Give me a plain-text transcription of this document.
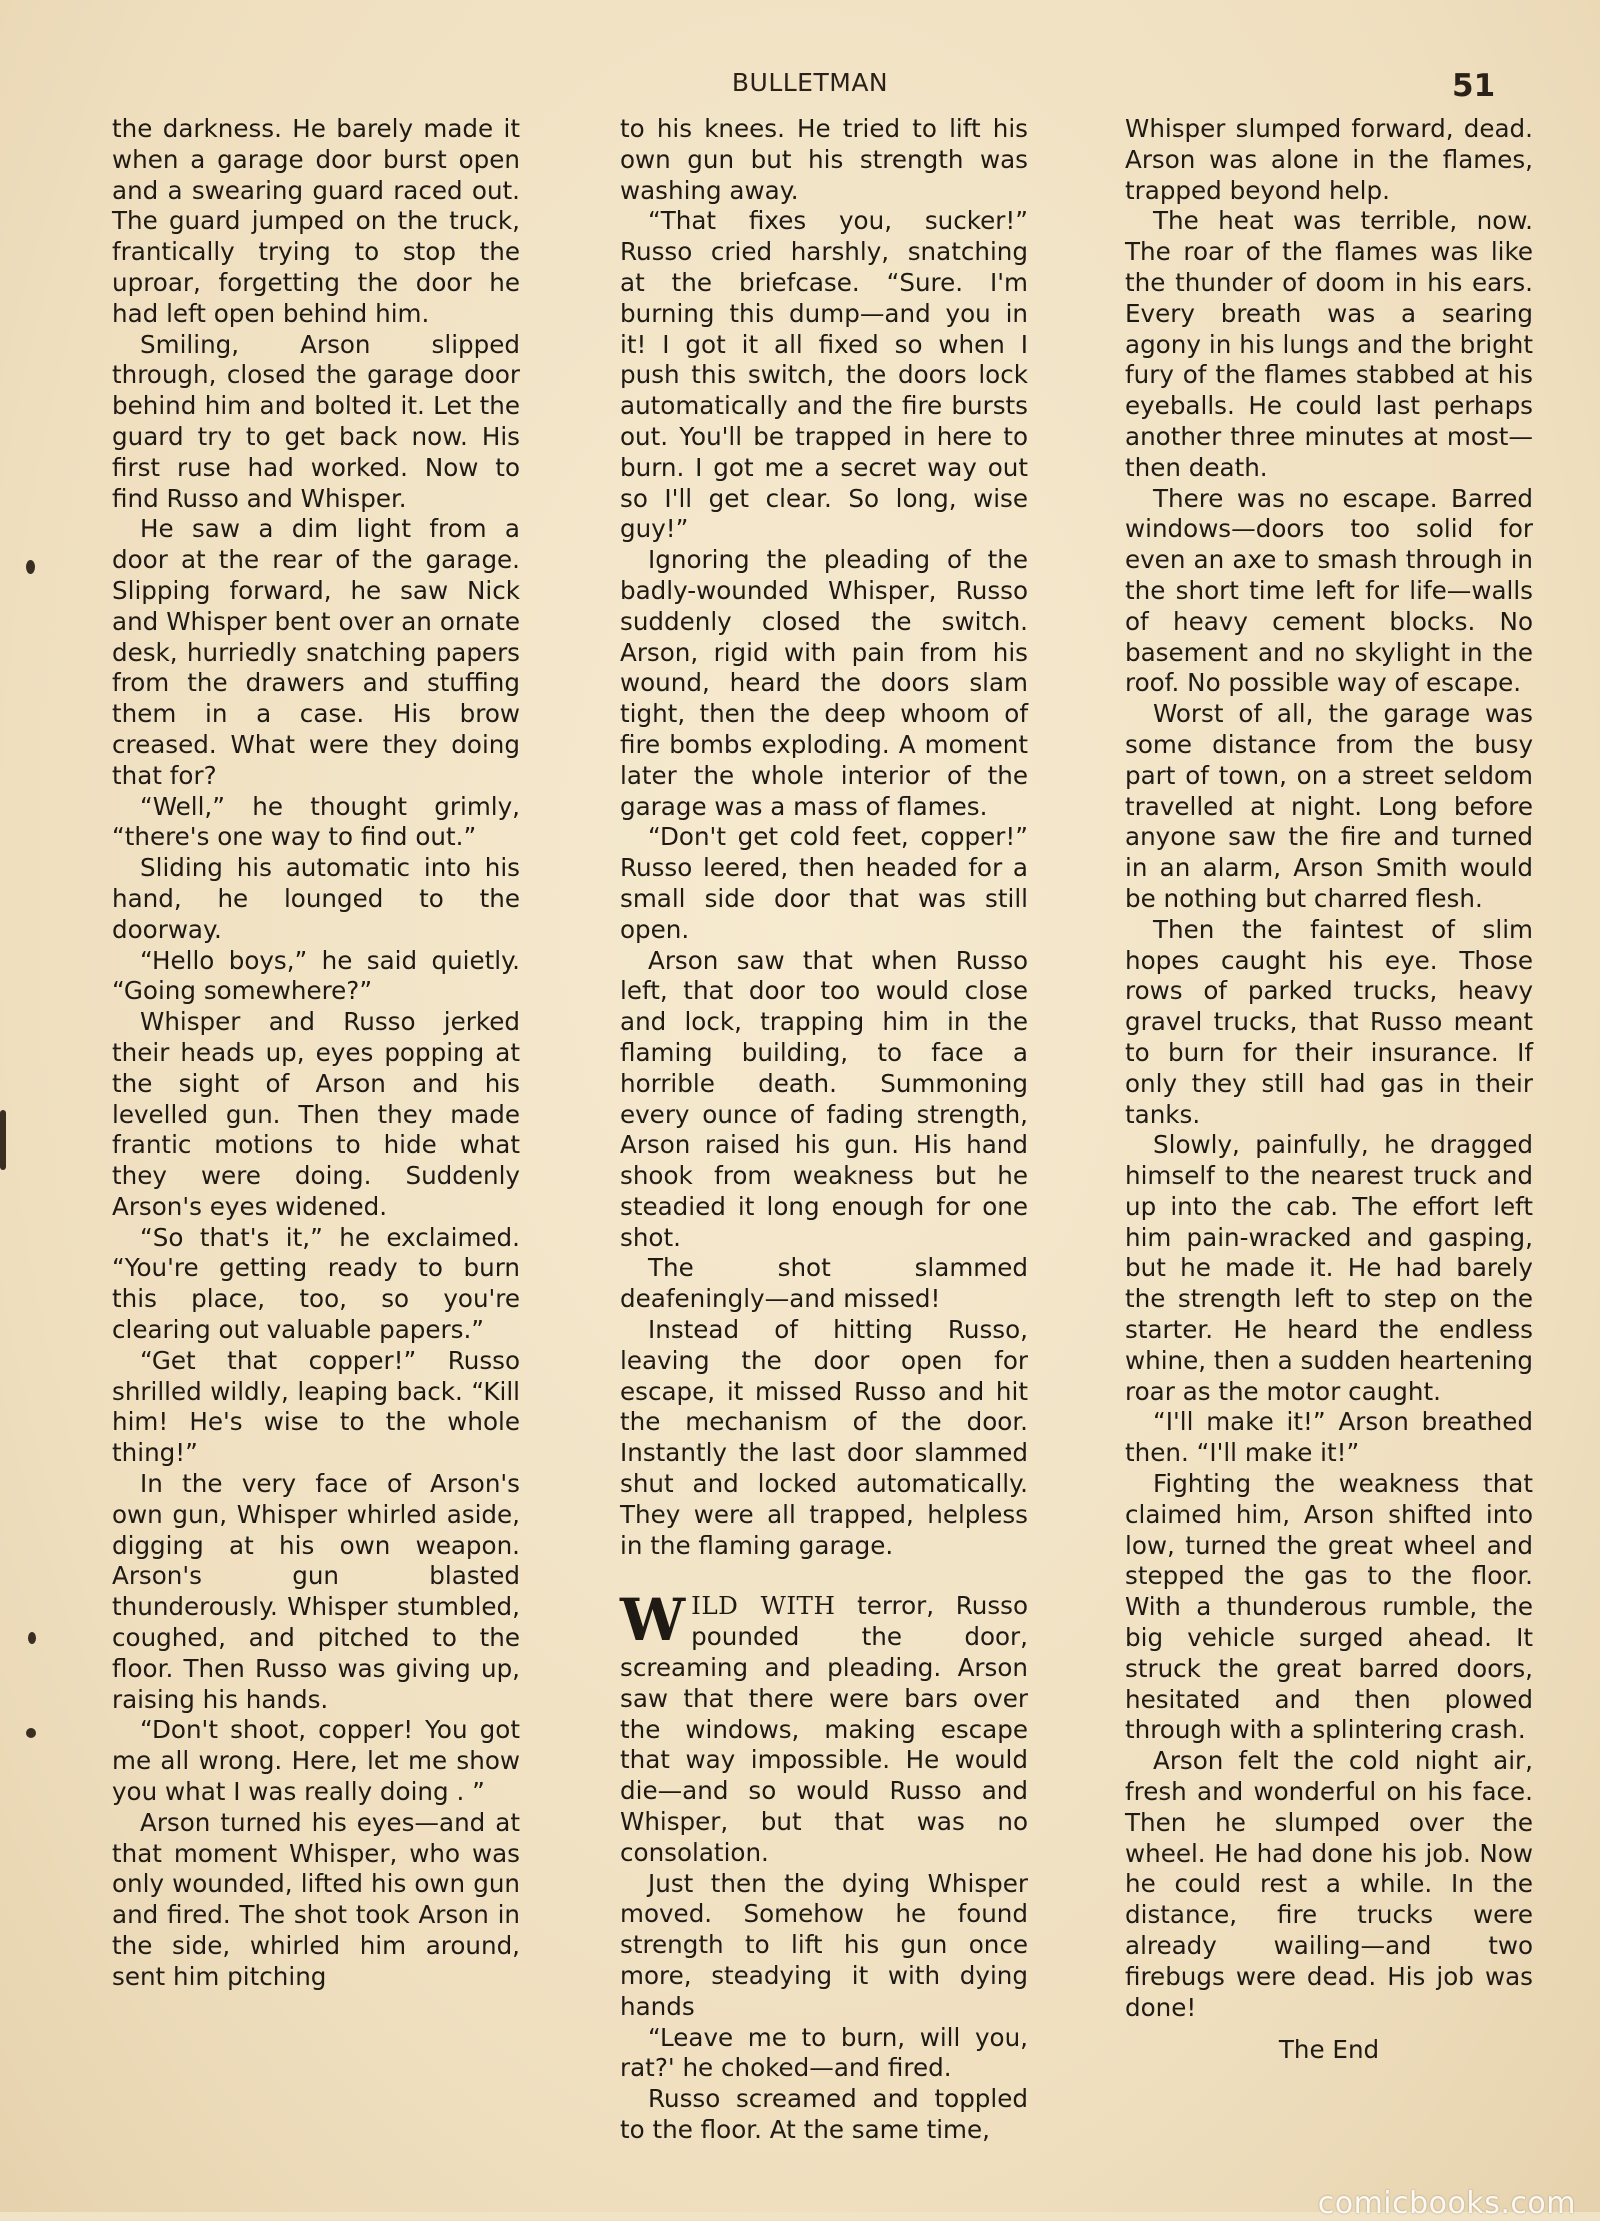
BULLETMAN	51

the darkness. He barely made it when a garage door burst open and a swearing guard raced out. The guard jumped on the truck, frantically trying to stop the uproar, forgetting the door he had left open behind him.

Smiling, Arson slipped through, closed the garage door behind him and bolted it. Let the guard try to get back now. His first ruse had worked. Now to find Russo and Whisper.

He saw a dim light from a door at the rear of the garage. Slipping forward, he saw Nick and Whisper bent over an ornate desk, hurriedly snatching papers from the drawers and stuffing them in a case. His brow creased. What were they doing that for?

“Well,” he thought grimly, “there's one way to find out.”

Sliding his automatic into his hand, he lounged to the doorway.

“Hello boys,” he said quietly. “Going somewhere?”

Whisper and Russo jerked their heads up, eyes popping at the sight of Arson and his levelled gun. Then they made frantic motions to hide what they were doing. Suddenly Arson's eyes widened.

“So that's it,” he exclaimed. “You're getting ready to burn this place, too, so you're clearing out valuable papers.”

“Get that copper!” Russo shrilled wildly, leaping back. “Kill him! He's wise to the whole thing!”

In the very face of Arson's own gun, Whisper whirled aside, digging at his own weapon. Arson's gun blasted thunderously. Whisper stumbled, coughed, and pitched to the floor. Then Russo was giving up, raising his hands.

“Don't shoot, copper! You got me all wrong. Here, let me show you what I was really doing . ”

Arson turned his eyes—and at that moment Whisper, who was only wounded, lifted his own gun and fired. The shot took Arson in the side, whirled him around, sent him pitching

to his knees. He tried to lift his own gun but his strength was washing away.

“That fixes you, sucker!” Russo cried harshly, snatching at the briefcase. “Sure. I'm burning this dump—and you in it! I got it all fixed so when I push this switch, the doors lock automatically and the fire bursts out. You'll be trapped in here to burn. I got me a secret way out so I'll get clear. So long, wise guy!”

Ignoring the pleading of the badly-wounded Whisper, Russo suddenly closed the switch. Arson, rigid with pain from his wound, heard the doors slam tight, then the deep whoom of fire bombs exploding. A moment later the whole interior of the garage was a mass of flames.

“Don't get cold feet, copper!” Russo leered, then headed for a small side door that was still open.

Arson saw that when Russo left, that door too would close and lock, trapping him in the flaming building, to face a horrible death. Summoning every ounce of fading strength, Arson raised his gun. His hand shook from weakness but he steadied it long enough for one shot.

The shot slammed deafeningly—and missed!

Instead of hitting Russo, leaving the door open for escape, it missed Russo and hit the mechanism of the door. Instantly the last door slammed shut and locked automatically. They were all trapped, helpless in the flaming garage.

WILD WITH terror, Russo pounded the door, screaming and pleading. Arson saw that there were bars over the windows, making escape that way impossible. He would die—and so would Russo and Whisper, but that was no consolation.

Just then the dying Whisper moved. Somehow he found strength to lift his gun once more, steadying it with dying hands

“Leave me to burn, will you, rat?' he choked—and fired.

Russo screamed and toppled to the floor. At the same time,

Whisper slumped forward, dead. Arson was alone in the flames, trapped beyond help.

The heat was terrible, now. The roar of the flames was like the thunder of doom in his ears. Every breath was a searing agony in his lungs and the bright fury of the flames stabbed at his eyeballs. He could last perhaps another three minutes at most—then death.

There was no escape. Barred windows—doors too solid for even an axe to smash through in the short time left for life—walls of heavy cement blocks. No basement and no skylight in the roof. No possible way of escape.

Worst of all, the garage was some distance from the busy part of town, on a street seldom travelled at night. Long before anyone saw the fire and turned in an alarm, Arson Smith would be nothing but charred flesh.

Then the faintest of slim hopes caught his eye. Those rows of parked trucks, heavy gravel trucks, that Russo meant to burn for their insurance. If only they still had gas in their tanks.

Slowly, painfully, he dragged himself to the nearest truck and up into the cab. The effort left him pain-wracked and gasping, but he made it. He had barely the strength left to step on the starter. He heard the endless whine, then a sudden heartening roar as the motor caught.

“I'll make it!” Arson breathed then. “I'll make it!”

Fighting the weakness that claimed him, Arson shifted into low, turned the great wheel and stepped the gas to the floor. With a thunderous rumble, the big vehicle surged ahead. It struck the great barred doors, hesitated and then plowed through with a splintering crash.

Arson felt the cold night air, fresh and wonderful on his face. Then he slumped over the wheel. He had done his job. Now he could rest a while. In the distance, fire trucks were already wailing—and two firebugs were dead. His job was done!

The End

comicbooks.com
